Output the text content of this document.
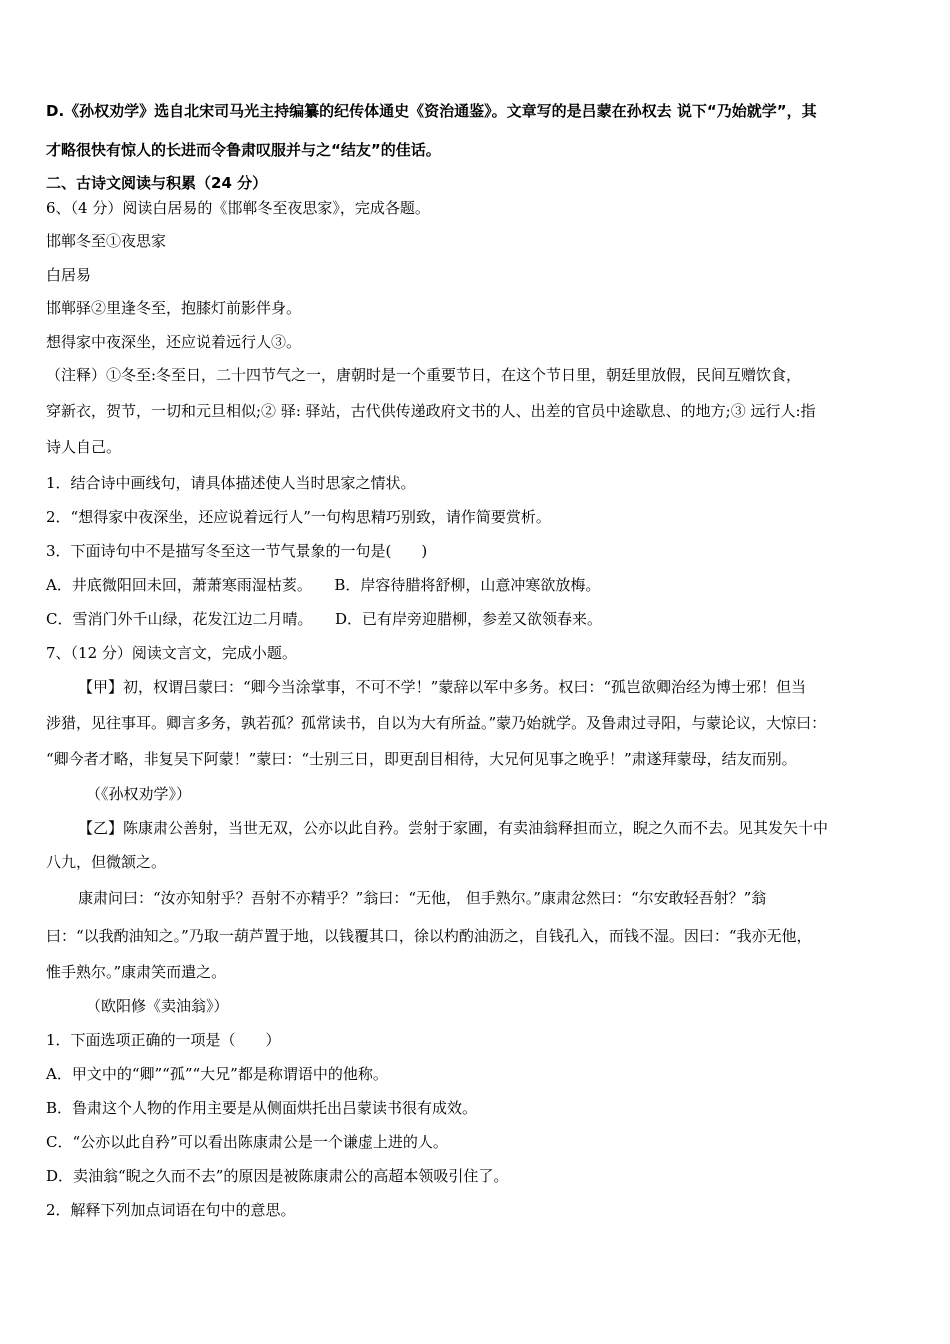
D.《孙权劝学》选自北宋司马光主持编纂的纪传体通史《资治通鉴》。文章写的是吕蒙在孙权去 说下“乃始就学”，其
才略很快有惊人的长进而令鲁肃叹服并与之“结友”的佳话。
二、古诗文阅读与积累（24 分）
6、（4 分）阅读白居易的《邯郸冬至夜思家》，完成各题。
邯郸冬至①夜思家
白居易
邯郸驿②里逢冬至，抱膝灯前影伴身。
想得家中夜深坐，还应说着远行人③。
（注释）①冬至:冬至日，二十四节气之一，唐朝时是一个重要节日，在这个节日里，朝廷里放假，民间互赠饮食，
穿新衣，贺节，一切和元旦相似;② 驿: 驿站，古代供传递政府文书的人、出差的官员中途歇息、的地方;③ 远行人:指
诗人自己。
1．结合诗中画线句，请具体描述使人当时思家之情状。
2．“想得家中夜深坐，还应说着远行人”一句构思精巧别致，请作简要赏析。
3．下面诗句中不是描写冬至这一节气景象的一句是(　　)
A．井底微阳回未回，萧萧寒雨湿枯荄。　　B．岸容待腊将舒柳，山意冲寒欲放梅。
C．雪消门外千山绿，花发江边二月晴。　　D．已有岸旁迎腊柳，参差又欲领春来。
7、（12 分）阅读文言文，完成小题。
【甲】初，权谓吕蒙曰：“卿今当涂掌事，不可不学！”蒙辞以军中多务。权曰：“孤岂欲卿治经为博士邪！但当
涉猎，见往事耳。卿言多务，孰若孤？孤常读书，自以为大有所益。”蒙乃始就学。及鲁肃过寻阳，与蒙论议，大惊曰：
“卿今者才略，非复吴下阿蒙！”蒙曰：“士别三日，即更刮目相待，大兄何见事之晚乎！”肃遂拜蒙母，结友而别。
（《孙权劝学》）
【乙】陈康肃公善射，当世无双，公亦以此自矜。尝射于家圃，有卖油翁释担而立，睨之久而不去。见其发矢十中
八九，但微颔之。
康肃问曰：“汝亦知射乎？吾射不亦精乎？”翁曰：“无他， 但手熟尔。”康肃忿然曰：“尔安敢轻吾射？”翁
曰：“以我酌油知之。”乃取一葫芦置于地，以钱覆其口，徐以杓酌油沥之，自钱孔入，而钱不湿。因曰：“我亦无他，
惟手熟尔。”康肃笑而遣之。
（欧阳修《卖油翁》）
1．下面选项正确的一项是（　　）
A．甲文中的“卿”“孤”“大兄”都是称谓语中的他称。
B．鲁肃这个人物的作用主要是从侧面烘托出吕蒙读书很有成效。
C．“公亦以此自矜”可以看出陈康肃公是一个谦虚上进的人。
D．卖油翁“睨之久而不去”的原因是被陈康肃公的高超本领吸引住了。
2．解释下列加点词语在句中的意思。
